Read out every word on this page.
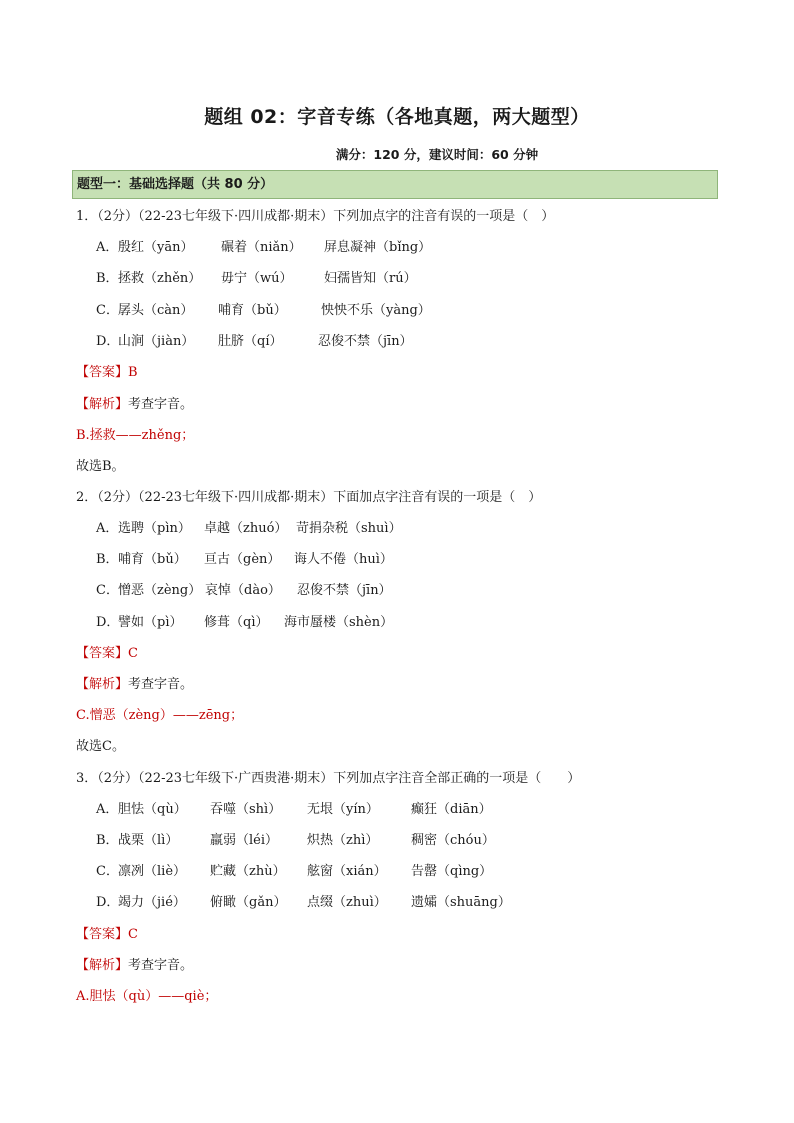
题组 02：字音专练（各地真题，两大题型）
满分：120 分，建议时间：60 分钟
题型一：基础选择题（共 80 分）
1．（2分）（22-23七年级下·四川成都·期末）下列加点字的注音有误的一项是（　）
A．殷红（yān） 碾着（niǎn） 屏息凝神（bǐng）
B．拯救（zhěn） 毋宁（wú） 妇孺皆知（rú）
C．孱头（càn） 哺育（bǔ）	怏怏不乐（yàng）
D．山涧（jiàn） 肚脐（qí）	忍俊不禁（jīn）
【答案】B
【解析】考查字音。
B.拯救——zhěng；
故选B。
2．（2分）（22-23七年级下·四川成都·期末）下面加点字注音有误的一项是（　）
A．选聘（pìn） 卓越（zhuó） 苛捐杂税（shuì）
B．哺育（bǔ） 亘古（gèn） 诲人不倦（huì）
C．憎恶（zèng） 哀悼（dào） 忍俊不禁（jīn）
D．譬如（pì） 修葺（qì） 海市蜃楼（shèn）
【答案】C
【解析】考查字音。
C.憎恶（zèng）——zēng；
故选C。
3．（2分）（22-23七年级下·广西贵港·期末）下列加点字注音全部正确的一项是（　　）
A．胆怯（qù） 吞噬（shì） 无垠（yín） 癫狂（diān）
B．战栗（lì） 羸弱（léi） 炽热（zhì）	稠密（chóu）
C．凛冽（liè） 贮藏（zhù） 舷窗（xián） 告罄（qìng）
D．竭力（jié） 俯瞰（gǎn） 点缀（zhuì） 遗孀（shuāng）
【答案】C
【解析】考查字音。
A.胆怯（qù）——qiè；
